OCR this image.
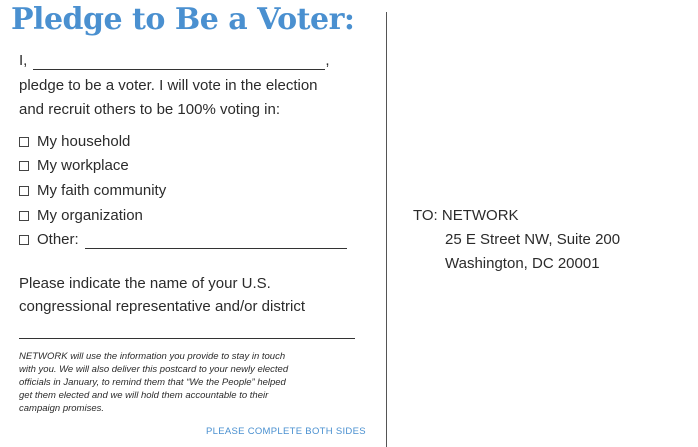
Pledge to Be a Voter:
I,	,
pledge to be a voter. I will vote in the election
and recruit others to be 100% voting in:
My household
My workplace
My faith community
My organization
Other:
Please indicate the name of your U.S.
congressional representative and/or district
NETWORK will use the information you provide to stay in touch
with you. We will also deliver this postcard to your newly elected
officials in January, to remind them that “We the People” helped
get them elected and we will hold them accountable to their
campaign promises.
PLEASE COMPLETE BOTH SIDES
TO: NETWORK
25 E Street NW, Suite 200
Washington, DC 20001
